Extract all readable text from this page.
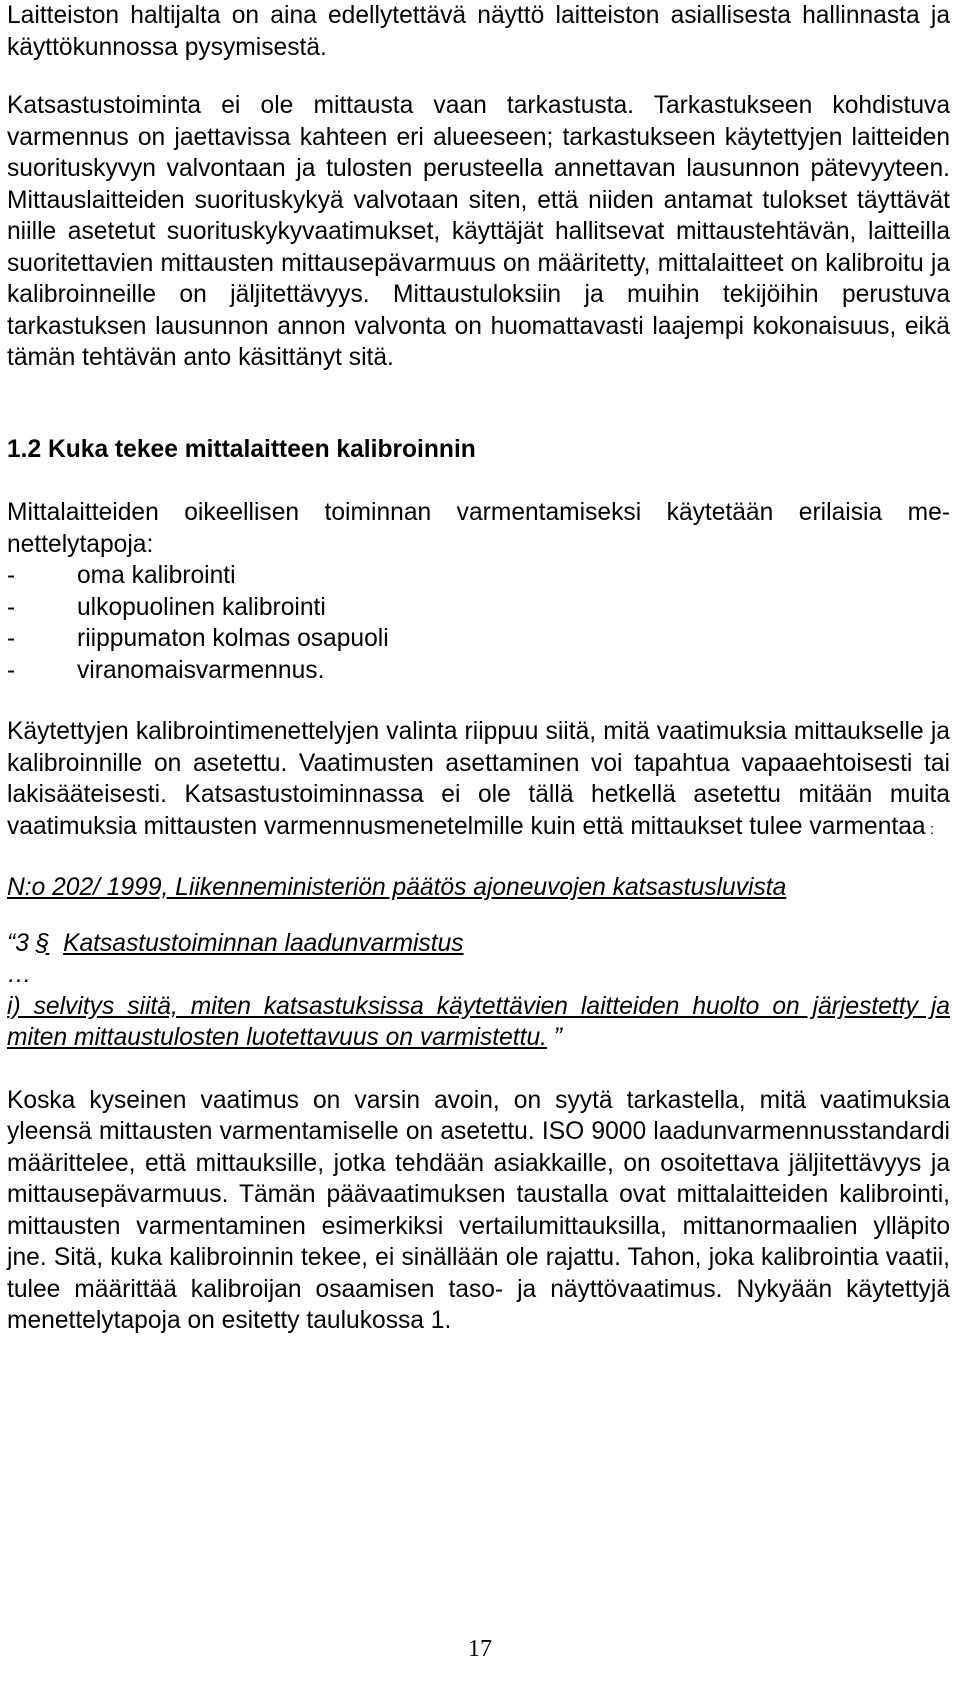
Laitteiston haltijalta on aina edellytettävä näyttö laitteiston asiallisesta hallinnasta ja käyttökunnossa pysymisestä.

Katsastustoiminta ei ole mittausta vaan tarkastusta. Tarkastukseen kohdistuva varmennus on jaettavissa kahteen eri alueeseen; tarkastukseen käytettyjen laitteiden suorituskyvyn valvontaan ja tulosten perusteella annettavan lausunnon pätevyyteen. Mittauslaitteiden suorituskykyä valvotaan siten, että niiden antamat tulokset täyttävät niille asetetut suorituskykyvaatimukset, käyttäjät hallitsevat mittaustehtävän, laitteilla suoritettavien mittausten mittausepävarmuus on määritetty, mittalaitteet on kalibroitu ja kalibroinneille on jäljitettävyys. Mittaustuloksiin ja muihin tekijöihin perustuva tarkastuksen lausunnon annon valvonta on huomattavasti laajempi kokonaisuus, eikä tämän tehtävän anto käsittänyt sitä.

1.2 Kuka tekee mittalaitteen kalibroinnin

Mittalaitteiden oikeellisen toiminnan varmentamiseksi käytetään erilaisia menettelytapoja:

-	oma kalibrointi
-	ulkopuolinen kalibrointi
-	riippumaton kolmas osapuoli
-	viranomaisvarmennus.

Käytettyjen kalibrointimenettelyjen valinta riippuu siitä, mitä vaatimuksia mittaukselle ja kalibroinnille on asetettu. Vaatimusten asettaminen voi tapahtua vapaaehtoisesti tai lakisääteisesti. Katsastustoiminnassa ei ole tällä hetkellä asetettu mitään muita vaatimuksia mittausten varmennusmenetelmille kuin että mittaukset tulee varmentaa :

N:o 202/ 1999, Liikenneministeriön päätös ajoneuvojen katsastusluvista

“3 § Katsastustoiminnan laadunvarmistus
…
i) selvitys siitä, miten katsastuksissa käytettävien laitteiden huolto on järjestetty ja miten mittaustulosten luotettavuus on varmistettu. ”

Koska kyseinen vaatimus on varsin avoin, on syytä tarkastella, mitä vaatimuksia yleensä mittausten varmentamiselle on asetettu. ISO 9000 laadunvarmennusstandardi määrittelee, että mittauksille, jotka tehdään asiakkaille, on osoitettava jäljitettävyys ja mittausepävarmuus. Tämän päävaatimuksen taustalla ovat mittalaitteiden kalibrointi, mittausten varmentaminen esimerkiksi vertailumittauksilla, mittanormaalien ylläpito jne. Sitä, kuka kalibroinnin tekee, ei sinällään ole rajattu. Tahon, joka kalibrointia vaatii, tulee määrittää kalibroijan osaamisen taso- ja näyttövaatimus. Nykyään käytettyjä menettelytapoja on esitetty taulukossa 1.

17
